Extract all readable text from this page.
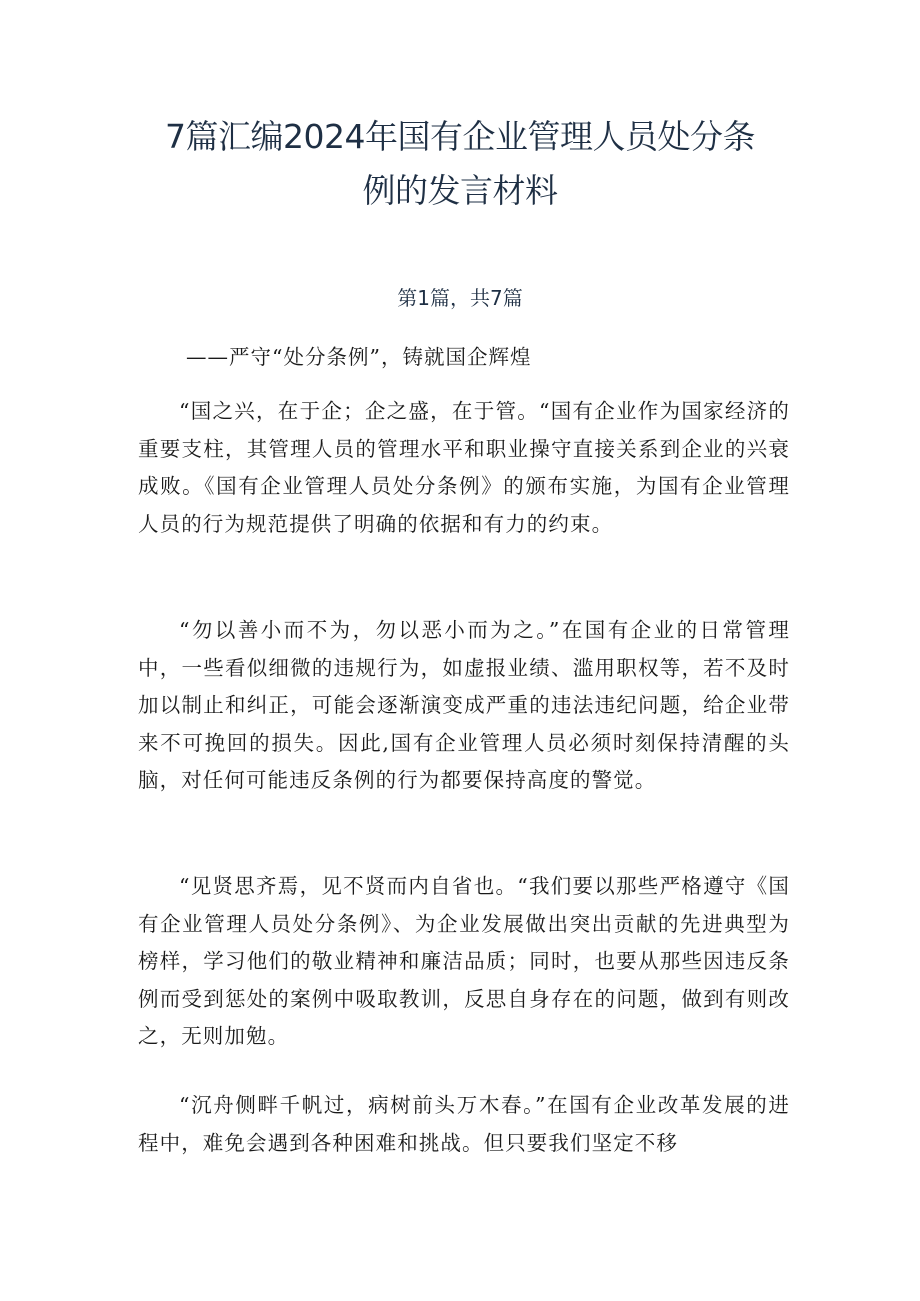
7篇汇编2024年国有企业管理人员处分条
例的发言材料
第1篇，共7篇
——严守“处分条例”，铸就国企辉煌

“国之兴，在于企；企之盛，在于管。“国有企业作为国家经济的重要支柱，其管理人员的管理水平和职业操守直接关系到企业的兴衰成败。《国有企业管理人员处分条例》的颁布实施，为国有企业管理人员的行为规范提供了明确的依据和有力的约束。

“勿以善小而不为，勿以恶小而为之。”在国有企业的日常管理中，一些看似细微的违规行为，如虚报业绩、滥用职权等，若不及时加以制止和纠正，可能会逐渐演变成严重的违法违纪问题，给企业带来不可挽回的损失。因此,国有企业管理人员必须时刻保持清醒的头脑，对任何可能违反条例的行为都要保持高度的警觉。

“见贤思齐焉，见不贤而内自省也。“我们要以那些严格遵守《国有企业管理人员处分条例》、为企业发展做出突出贡献的先进典型为榜样，学习他们的敬业精神和廉洁品质；同时，也要从那些因违反条例而受到惩处的案例中吸取教训，反思自身存在的问题，做到有则改之，无则加勉。

“沉舟侧畔千帆过，病树前头万木春。”在国有企业改革发展的进程中，难免会遇到各种困难和挑战。但只要我们坚定不移
